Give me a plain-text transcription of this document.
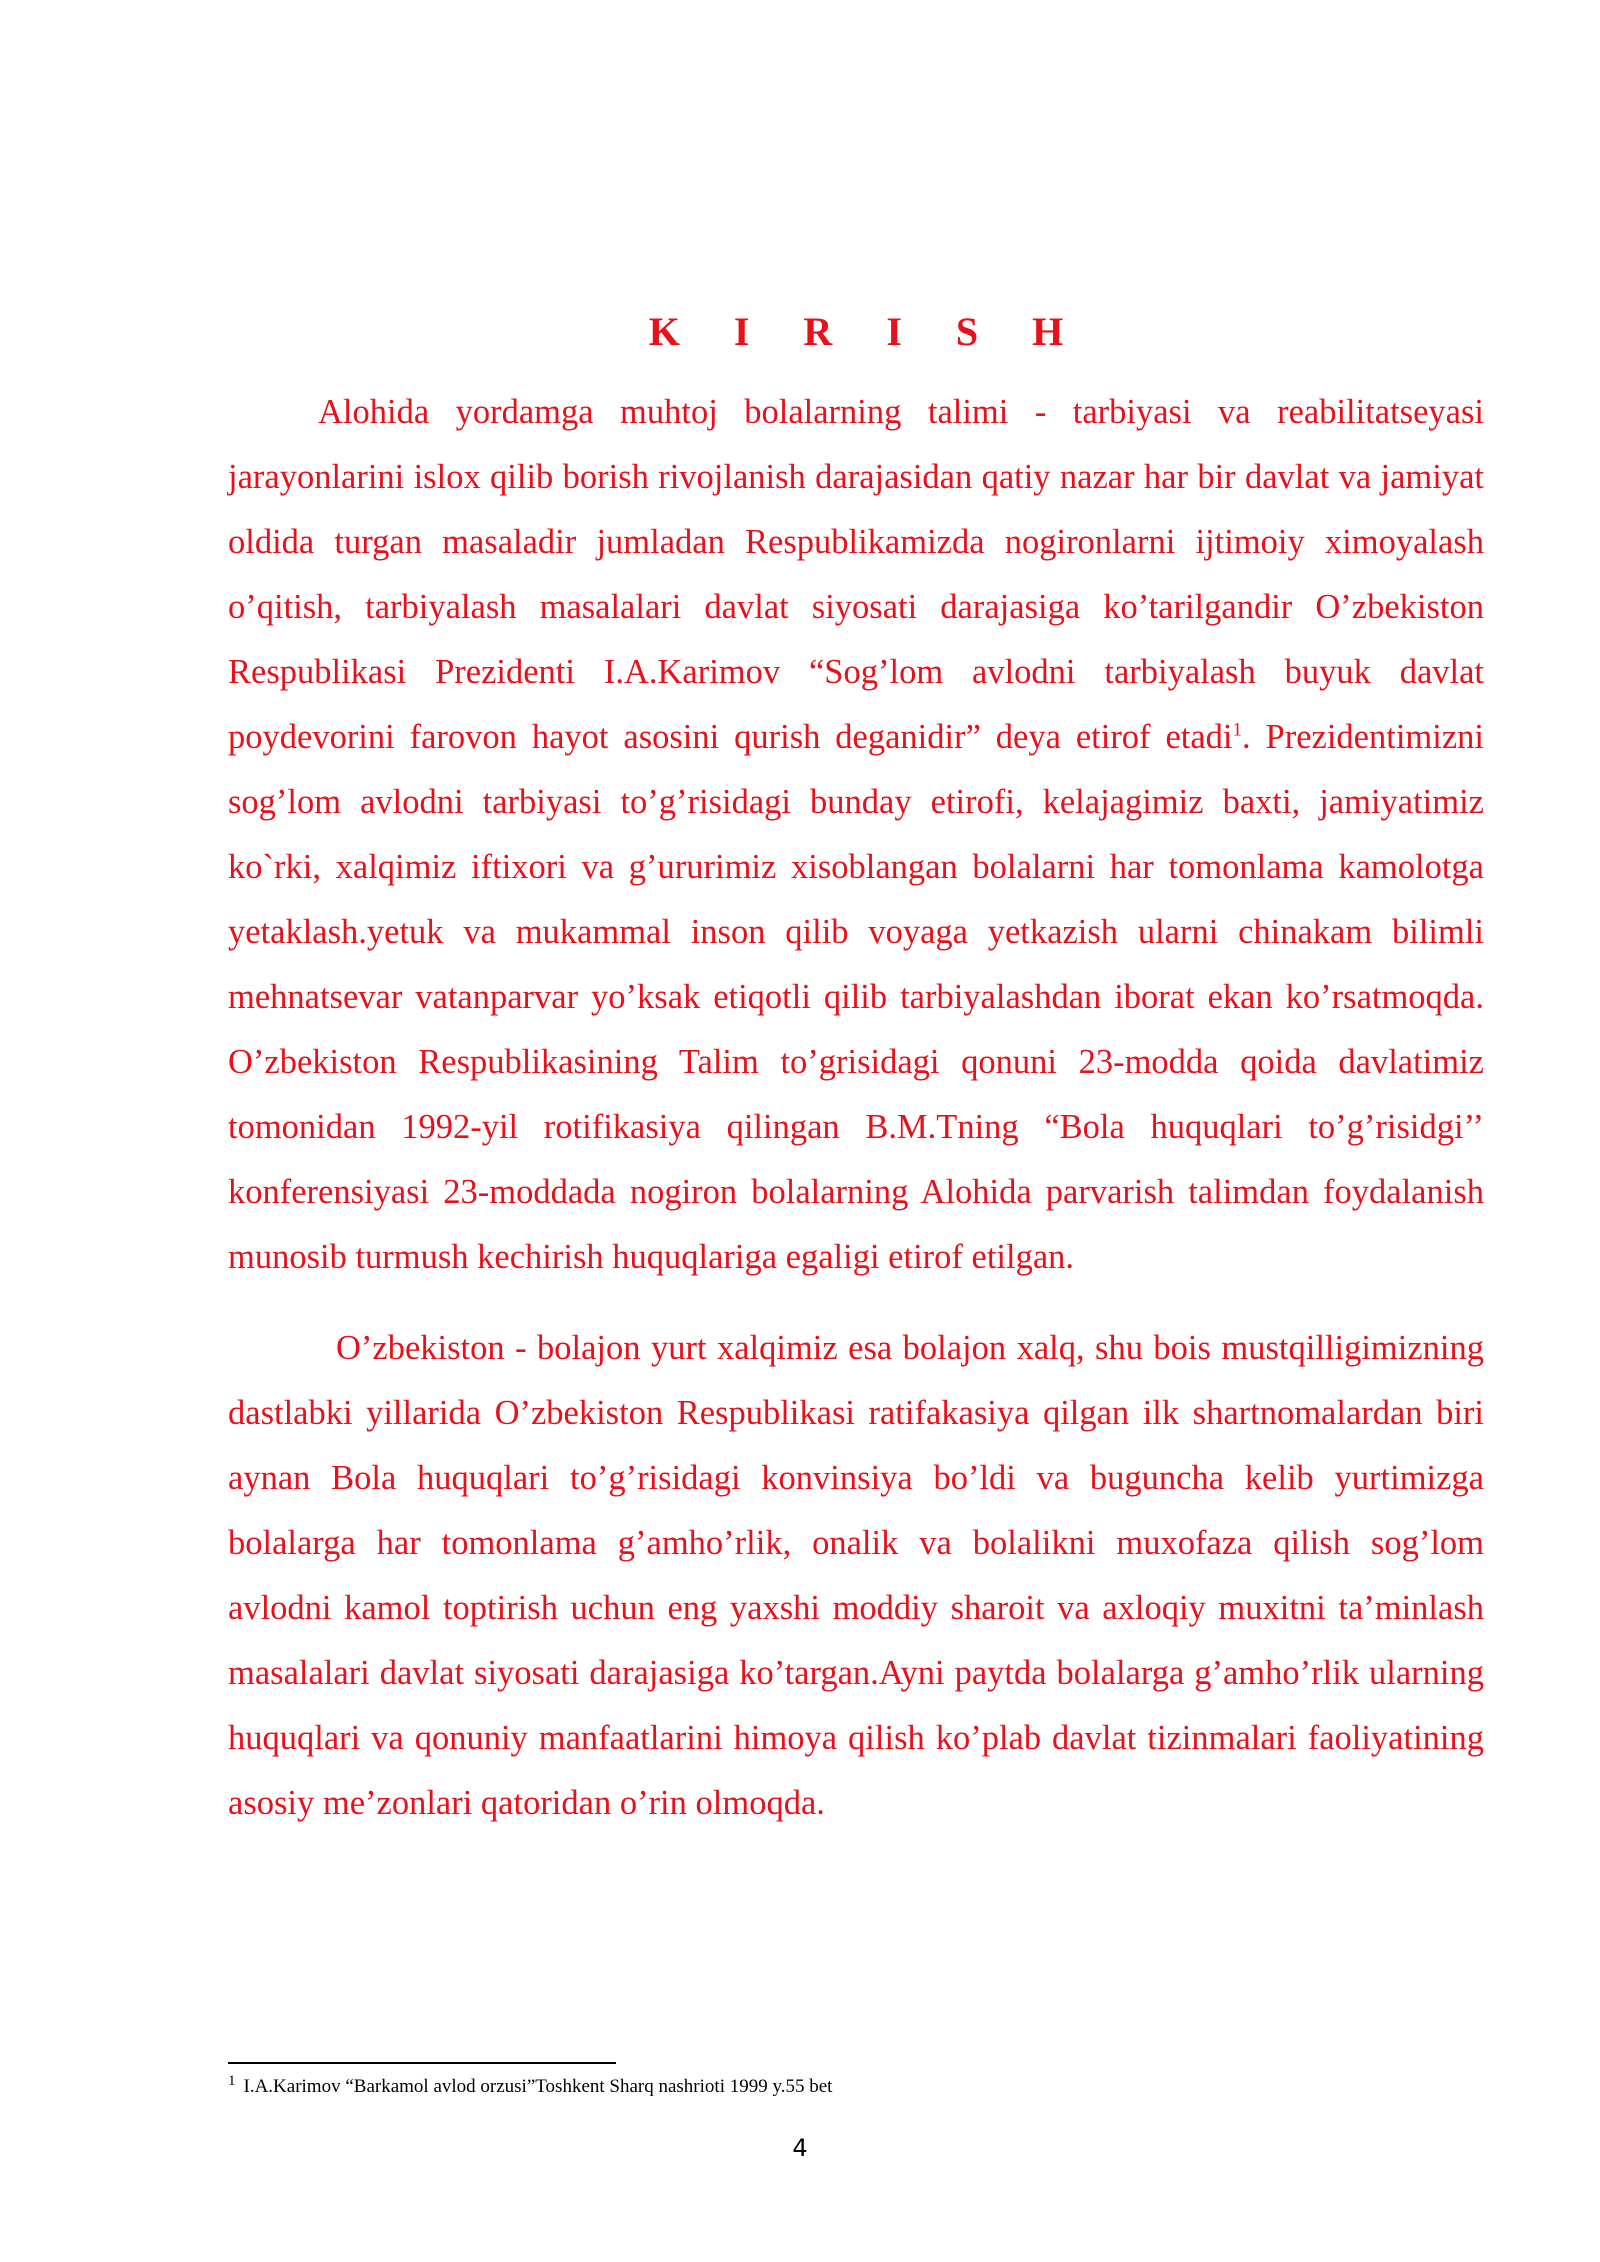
K I R I S H

Alohida yordamga muhtoj bolalarning talimi - tarbiyasi va reabilitatseyasi jarayonlarini islox qilib borish rivojlanish darajasidan qatiy nazar har bir davlat va jamiyat oldida turgan masaladir jumladan Respublikamizda nogironlarni ijtimoiy ximoyalash o’qitish, tarbiyalash masalalari davlat siyosati darajasiga ko’tarilgandir O’zbekiston Respublikasi Prezidenti I.A.Karimov “Sog’lom avlodni tarbiyalash buyuk davlat poydevorini farovon hayot asosini qurish deganidir” deya etirof etadi$^1$. Prezidentimizni sog’lom avlodni tarbiyasi to’g’risidagi bunday etirofi, kelajagimiz baxti, jamiyatimiz ko`rki, xalqimiz iftixori va g’ururimiz xisoblangan bolalarni har tomonlama kamolotga yetaklash.yetuk va mukammal inson qilib voyaga yetkazish ularni chinakam bilimli mehnatsevar vatanparvar yo’ksak etiqotli qilib tarbiyalashdan iborat ekan ko’rsatmoqda. O’zbekiston Respublikasining Talim to’grisidagi qonuni 23-modda qoida davlatimiz tomonidan 1992-yil rotifikasiya qilingan B.M.Tning “Bola huquqlari to’g’risidgi’’ konferensiyasi 23-moddada nogiron bolalarning Alohida parvarish talimdan foydalanish munosib turmush kechirish huquqlariga egaligi etirof etilgan.

O’zbekiston - bolajon yurt xalqimiz esa bolajon xalq, shu bois mustqilligimizning dastlabki yillarida O’zbekiston Respublikasi ratifakasiya qilgan ilk shartnomalardan biri aynan Bola huquqlari to’g’risidagi konvinsiya bo’ldi va buguncha kelib yurtimizga bolalarga har tomonlama g’amho’rlik, onalik va bolalikni muxofaza qilish sog’lom avlodni kamol toptirish uchun eng yaxshi moddiy sharoit va axloqiy muxitni ta’minlash masalalari davlat siyosati darajasiga ko’targan.Ayni paytda bolalarga g’amho’rlik ularning huquqlari va qonuniy manfaatlarini himoya qilish ko’plab davlat tizinmalari faoliyatining asosiy me’zonlari qatoridan o’rin olmoqda.

$^1$ I.A.Karimov “Barkamol avlod orzusi”Toshkent Sharq nashrioti 1999 y.55 bet
4
